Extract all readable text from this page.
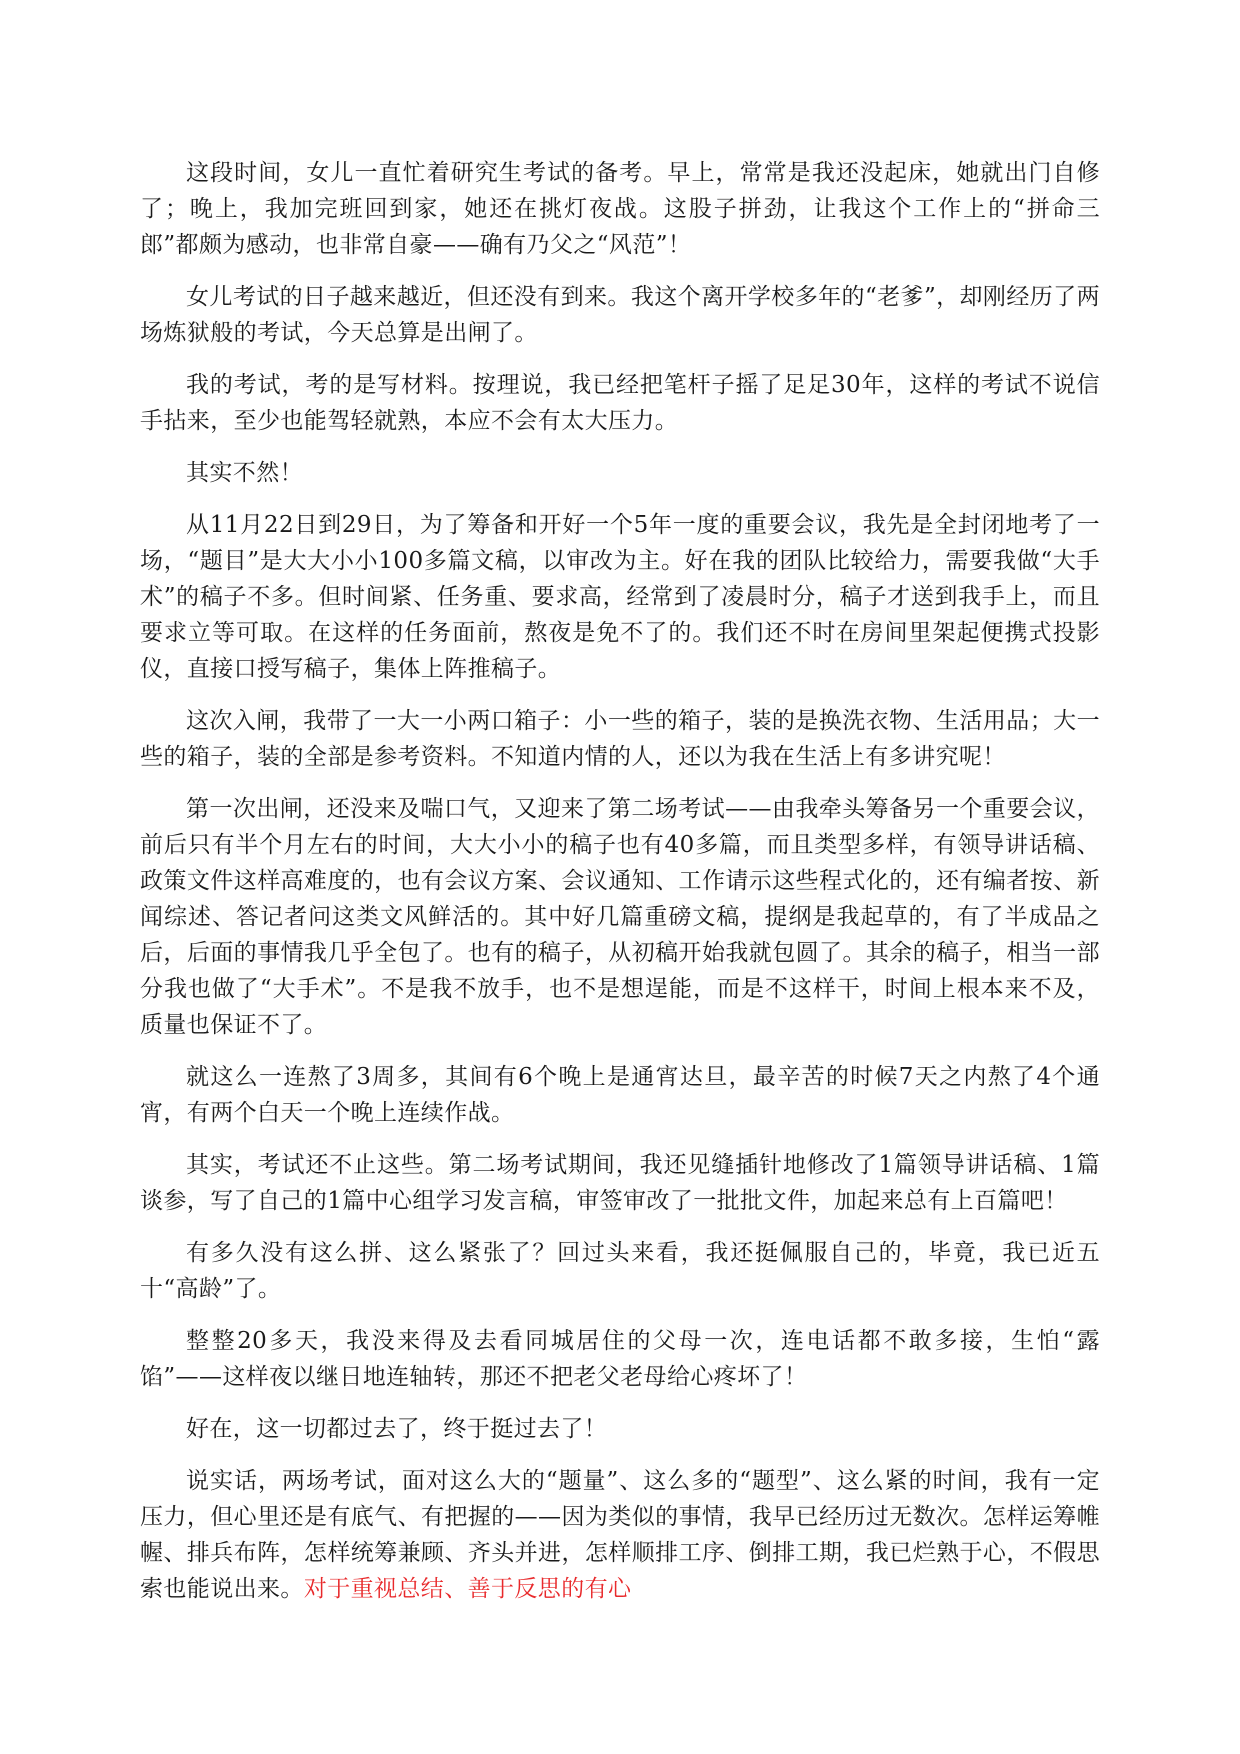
这段时间，女儿一直忙着研究生考试的备考。早上，常常是我还没起床，她就出门自修了；晚上，我加完班回到家，她还在挑灯夜战。这股子拼劲，让我这个工作上的“拼命三郎”都颇为感动，也非常自豪——确有乃父之“风范”！

女儿考试的日子越来越近，但还没有到来。我这个离开学校多年的“老爹”，却刚经历了两场炼狱般的考试，今天总算是出闸了。

我的考试，考的是写材料。按理说，我已经把笔杆子摇了足足30年，这样的考试不说信手拈来，至少也能驾轻就熟，本应不会有太大压力。

其实不然！

从11月22日到29日，为了筹备和开好一个5年一度的重要会议，我先是全封闭地考了一场，“题目”是大大小小100多篇文稿，以审改为主。好在我的团队比较给力，需要我做“大手术”的稿子不多。但时间紧、任务重、要求高，经常到了凌晨时分，稿子才送到我手上，而且要求立等可取。在这样的任务面前，熬夜是免不了的。我们还不时在房间里架起便携式投影仪，直接口授写稿子，集体上阵推稿子。

这次入闸，我带了一大一小两口箱子：小一些的箱子，装的是换洗衣物、生活用品；大一些的箱子，装的全部是参考资料。不知道内情的人，还以为我在生活上有多讲究呢！

第一次出闸，还没来及喘口气，又迎来了第二场考试——由我牵头筹备另一个重要会议，前后只有半个月左右的时间，大大小小的稿子也有40多篇，而且类型多样，有领导讲话稿、政策文件这样高难度的，也有会议方案、会议通知、工作请示这些程式化的，还有编者按、新闻综述、答记者问这类文风鲜活的。其中好几篇重磅文稿，提纲是我起草的，有了半成品之后，后面的事情我几乎全包了。也有的稿子，从初稿开始我就包圆了。其余的稿子，相当一部分我也做了“大手术”。不是我不放手，也不是想逞能，而是不这样干，时间上根本来不及，质量也保证不了。

就这么一连熬了3周多，其间有6个晚上是通宵达旦，最辛苦的时候7天之内熬了4个通宵，有两个白天一个晚上连续作战。

其实，考试还不止这些。第二场考试期间，我还见缝插针地修改了1篇领导讲话稿、1篇谈参，写了自己的1篇中心组学习发言稿，审签审改了一批批文件，加起来总有上百篇吧！

有多久没有这么拼、这么紧张了？回过头来看，我还挺佩服自己的，毕竟，我已近五十“高龄”了。

整整20多天，我没来得及去看同城居住的父母一次，连电话都不敢多接，生怕“露馅”——这样夜以继日地连轴转，那还不把老父老母给心疼坏了！

好在，这一切都过去了，终于挺过去了！

说实话，两场考试，面对这么大的“题量”、这么多的“题型”、这么紧的时间，我有一定压力，但心里还是有底气、有把握的——因为类似的事情，我早已经历过无数次。怎样运筹帷幄、排兵布阵，怎样统筹兼顾、齐头并进，怎样顺排工序、倒排工期，我已烂熟于心，不假思索也能说出来。对于重视总结、善于反思的有心
